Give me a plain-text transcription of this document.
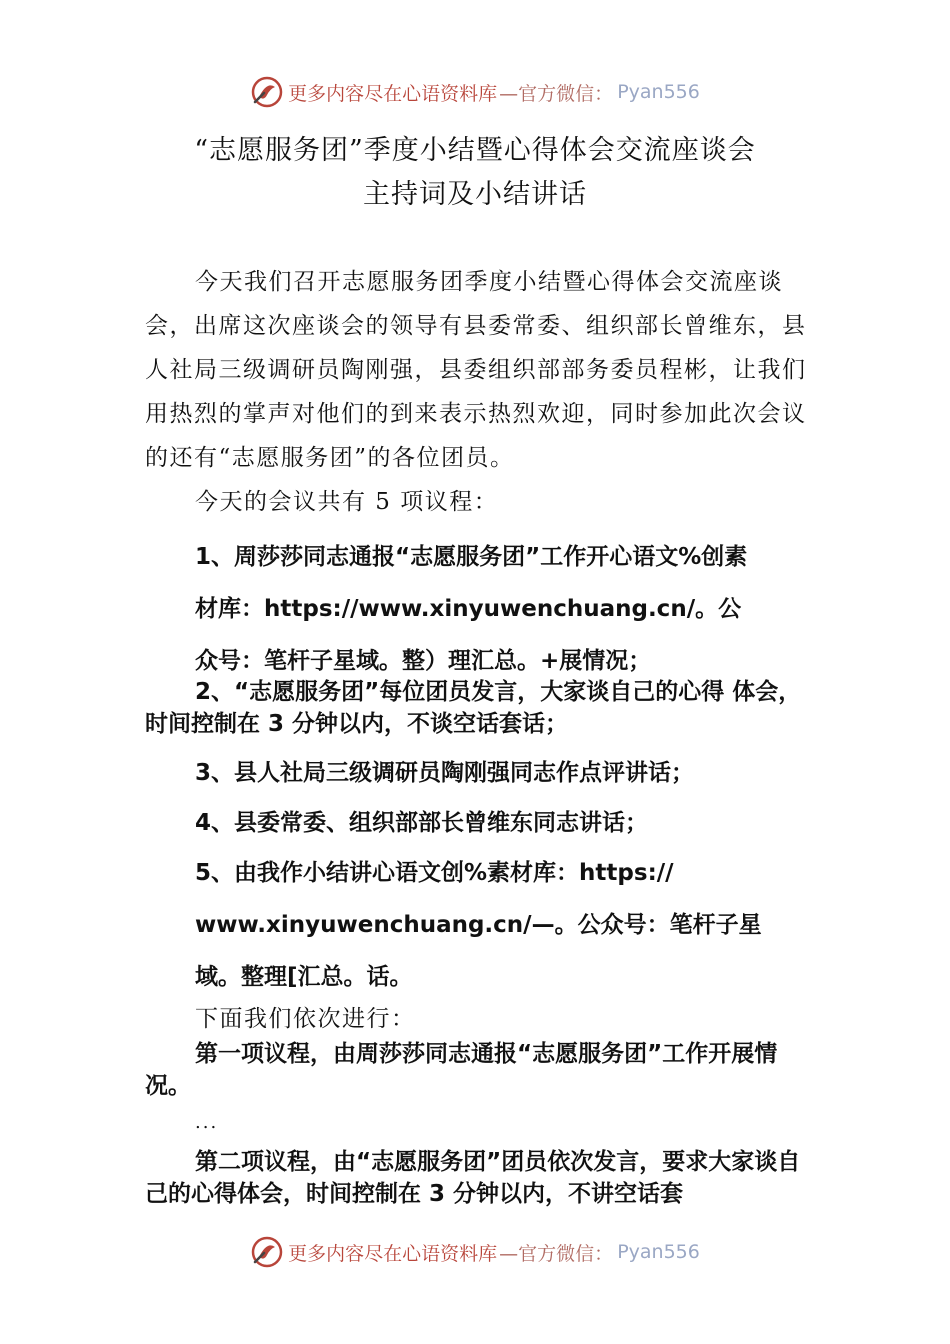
更多内容尽在心语资料库 —官方微信： Pyan556
“志愿服务团”季度小结暨心得体会交流座谈会
主持词及小结讲话

今天我们召开志愿服务团季度小结暨心得体会交流座谈会，出席这次座谈会的领导有县委常委、组织部长曾维东，县人社局三级调研员陶刚强，县委组织部部务委员程彬，让我们用热烈的掌声对他们的到来表示热烈欢迎，同时参加此次会议的还有“志愿服务团”的各位团员。

今天的会议共有 5 项议程：

1、周莎莎同志通报“志愿服务团”工作开心语文%创素
材库：https://www.xinyuwenchuang.cn/。公
众号：笔杆子星域。整）理汇总。+展情况；

2、“志愿服务团”每位团员发言，大家谈自己的心得 体会，时间控制在 3 分钟以内，不谈空话套话；

3、县人社局三级调研员陶刚强同志作点评讲话；
4、县委常委、组织部部长曾维东同志讲话；
5、由我作小结讲心语文创%素材库：https://
www.xinyuwenchuang.cn/—。公众号：笔杆子星
域。整理[汇总。话。
下面我们依次进行：

第一项议程，由周莎莎同志通报“志愿服务团”工作开展情况。

...

第二项议程，由“志愿服务团”团员依次发言，要求大家谈自己的心得体会，时间控制在 3 分钟以内，不讲空话套

更多内容尽在心语资料库 —官方微信： Pyan556
